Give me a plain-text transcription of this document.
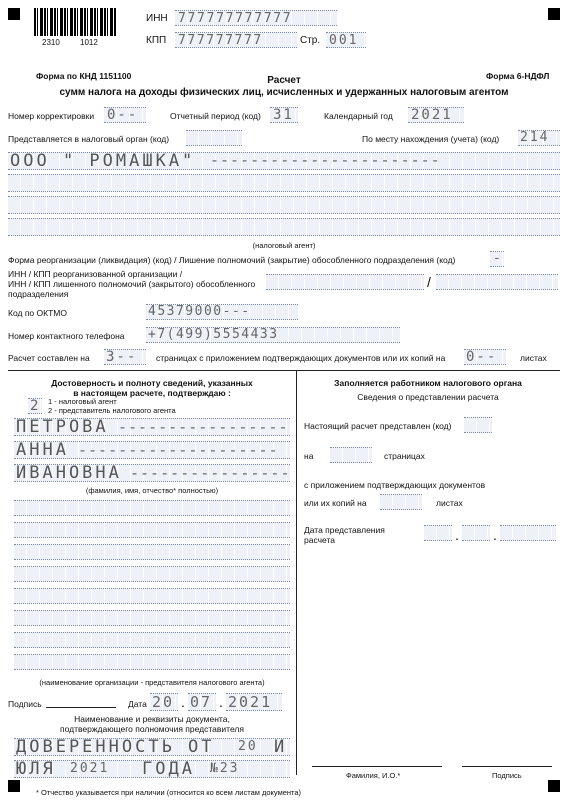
2310	1012
ИНН 777777777777
КПП 777777777	Стр. 001
Форма по КНД 1151100	Форма 6-НДФЛ
Расчет
сумм налога на доходы физических лиц, исчисленных и удержанных налоговым агентом
Номер корректировки 0--	Отчетный период (код) 31	Календарный год 2021
Представляется в налоговый орган (код)	По месту нахождения (учета) (код) 214
ООО " РОМАШКА" -----------------------
(налоговый агент)
Форма реорганизации (ликвидация) (код) / Лишение полномочий (закрытие) обособленного подразделения (код)	-
ИНН / КПП реорганизованной организации /
ИНН / КПП лишенного полномочий (закрытого) обособленного
подразделения
/
Код по ОКТМО	45379000---
Номер контактного телефона +7(499)5554433
Расчет составлен на 3-- страницах с приложением подтверждающих документов или их копий на 0--	листах
Достоверность и полноту сведений, указанных
в настоящем расчете, подтверждаю :
2 1 - налоговый агент
2 - представитель налогового агента
ПЕТРОВА -----------------
АННА --------------------
ИВАНОВНА ----------------
(фамилия, имя, отчество* полностью)
(наименование организации - представителя налогового агента)
Подпись	Дата 20 . 07 . 2021
Наименование и реквизиты документа,
подтверждающего полномочия представителя
ДОВЕРЕННОСТЬ ОТ 20 И
ЮЛЯ 2021 ГОДА №23
* Отчество указывается при наличии (относится ко всем листам документа)
Заполняется работником налогового органа
Сведения о представлении расчета
Настоящий расчет представлен (код)
на	страницах
с приложением подтверждающих документов
или их копий на	листах
Дата представления
расчета	. .
Фамилия, И.О.*	Подпись
